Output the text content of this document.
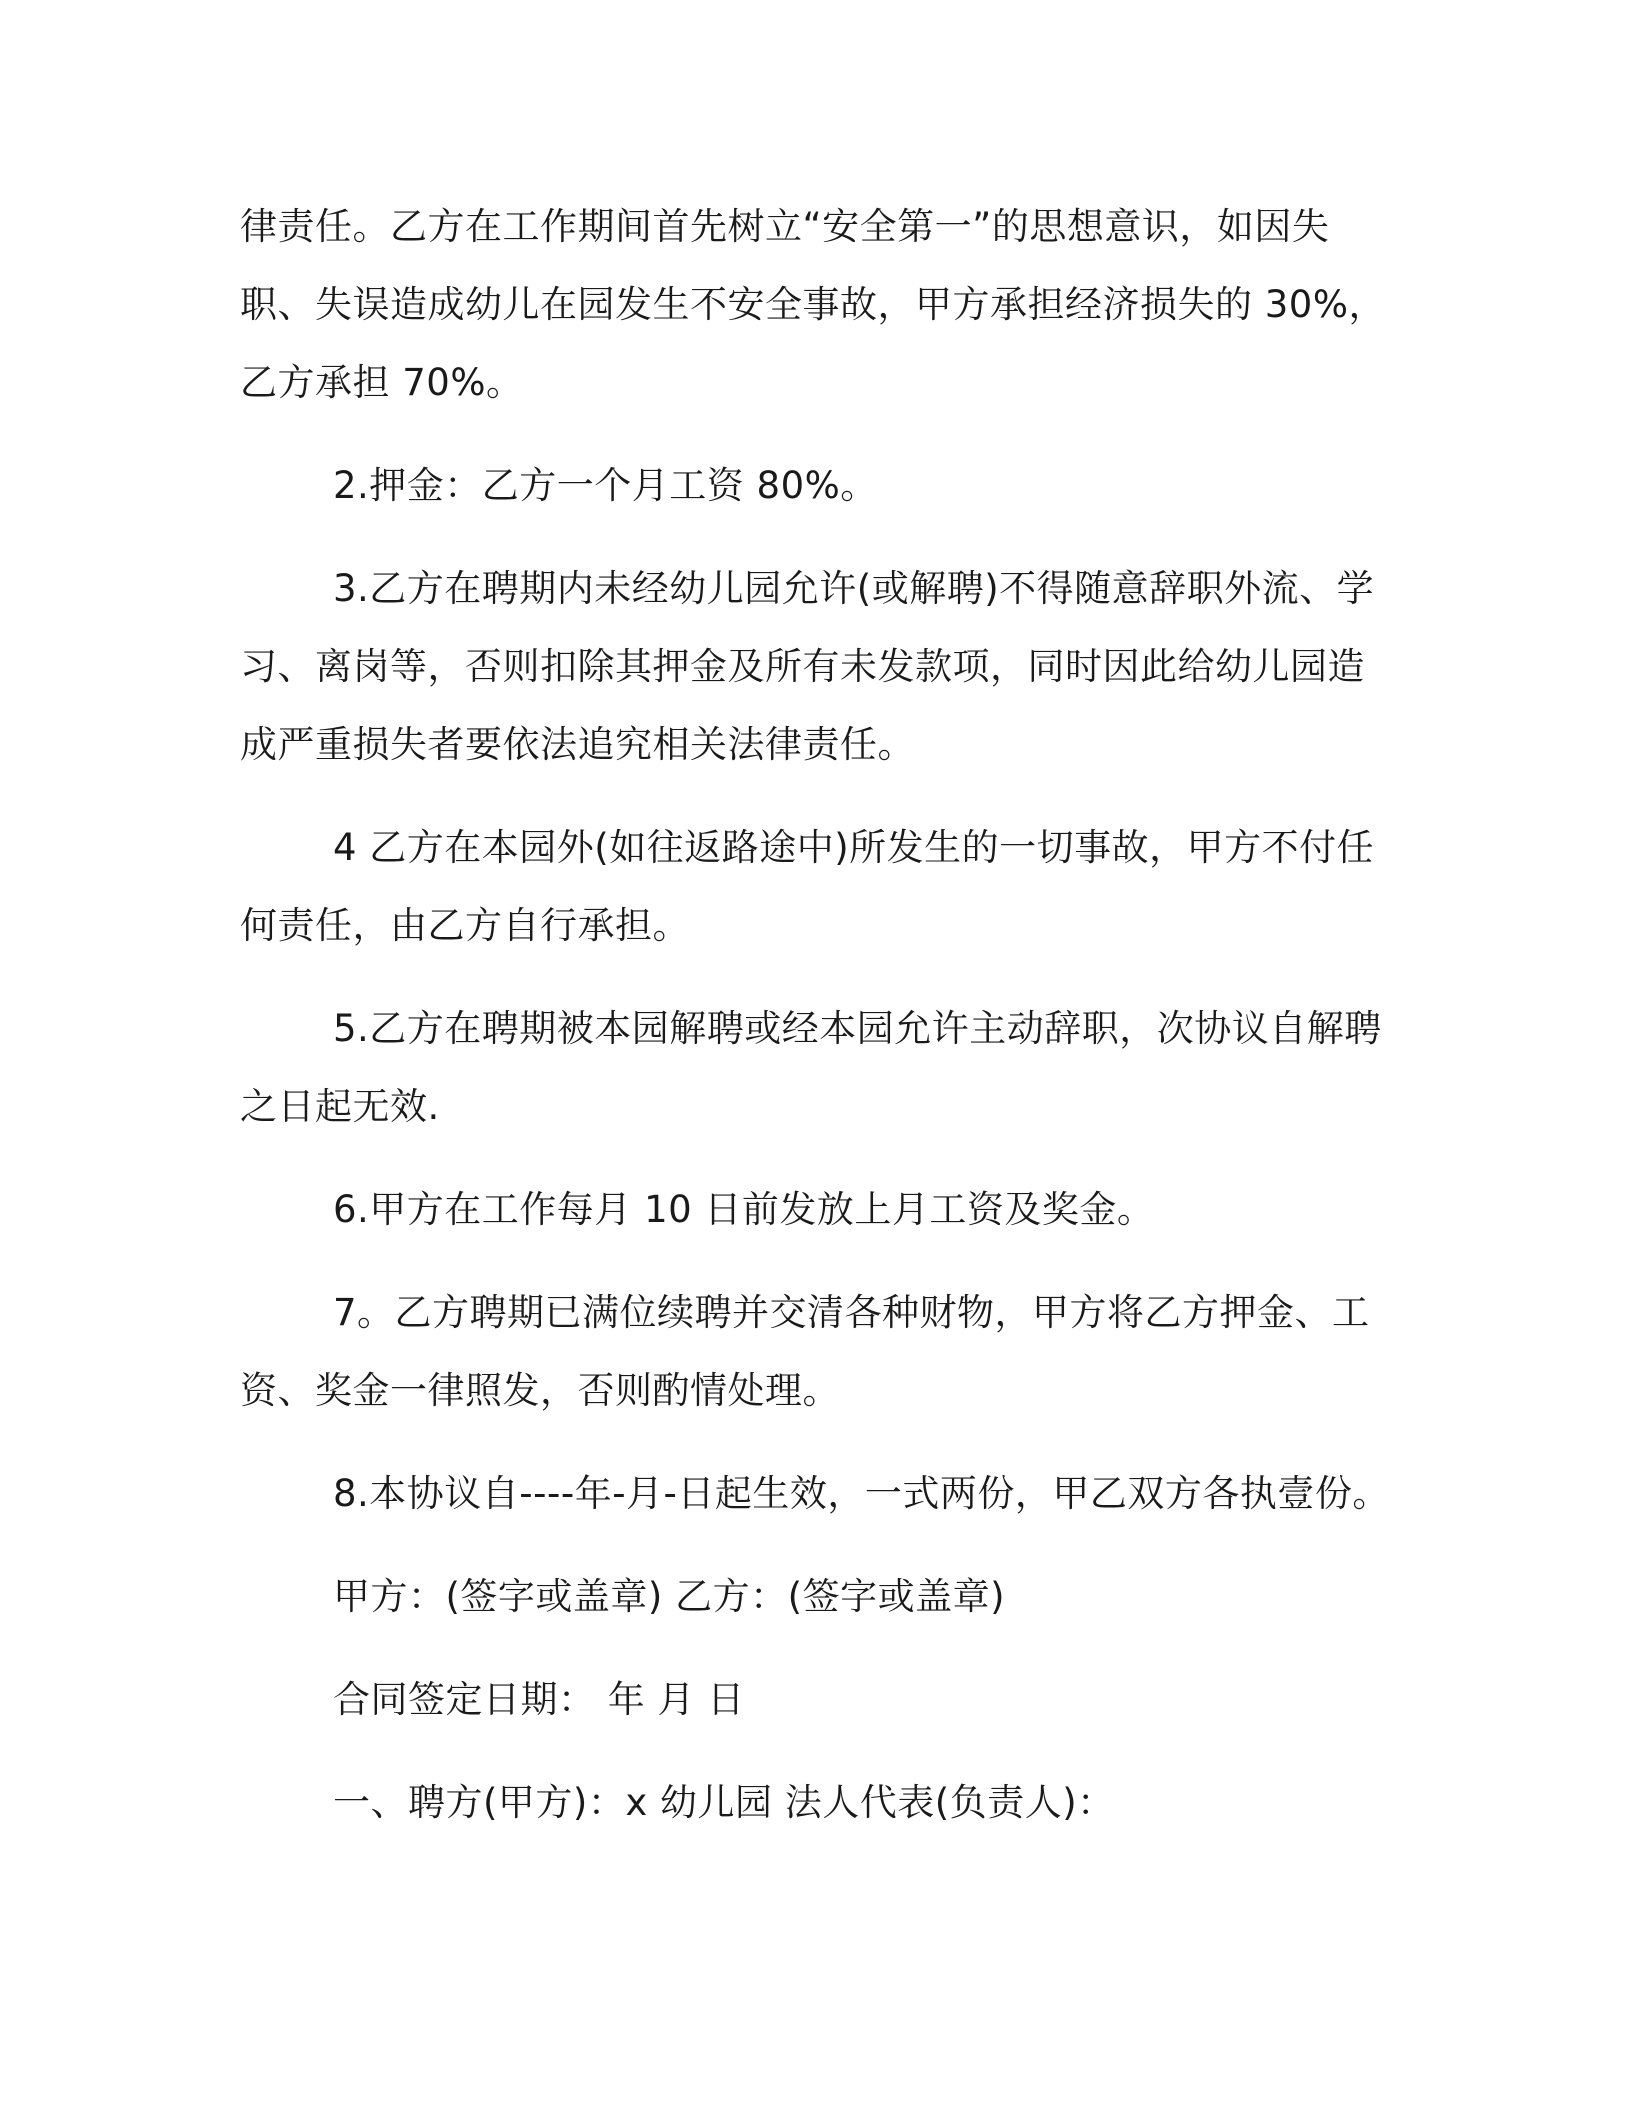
律责任。乙方在工作期间首先树立“安全第一”的思想意识，如因失
职、失误造成幼儿在园发生不安全事故，甲方承担经济损失的 30%，
乙方承担 70%。
2.押金：乙方一个月工资 80%。
3.乙方在聘期内未经幼儿园允许(或解聘)不得随意辞职外流、学
习、离岗等，否则扣除其押金及所有未发款项，同时因此给幼儿园造
成严重损失者要依法追究相关法律责任。
4 乙方在本园外(如往返路途中)所发生的一切事故，甲方不付任
何责任，由乙方自行承担。
5.乙方在聘期被本园解聘或经本园允许主动辞职，次协议自解聘
之日起无效.
6.甲方在工作每月 10 日前发放上月工资及奖金。
7。乙方聘期已满位续聘并交清各种财物，甲方将乙方押金、工
资、奖金一律照发，否则酌情处理。
8.本协议自----年-月-日起生效，一式两份，甲乙双方各执壹份。
甲方：(签字或盖章) 乙方：(签字或盖章)
合同签定日期： 年 月 日
一、聘方(甲方)：x 幼儿园 法人代表(负责人)：
